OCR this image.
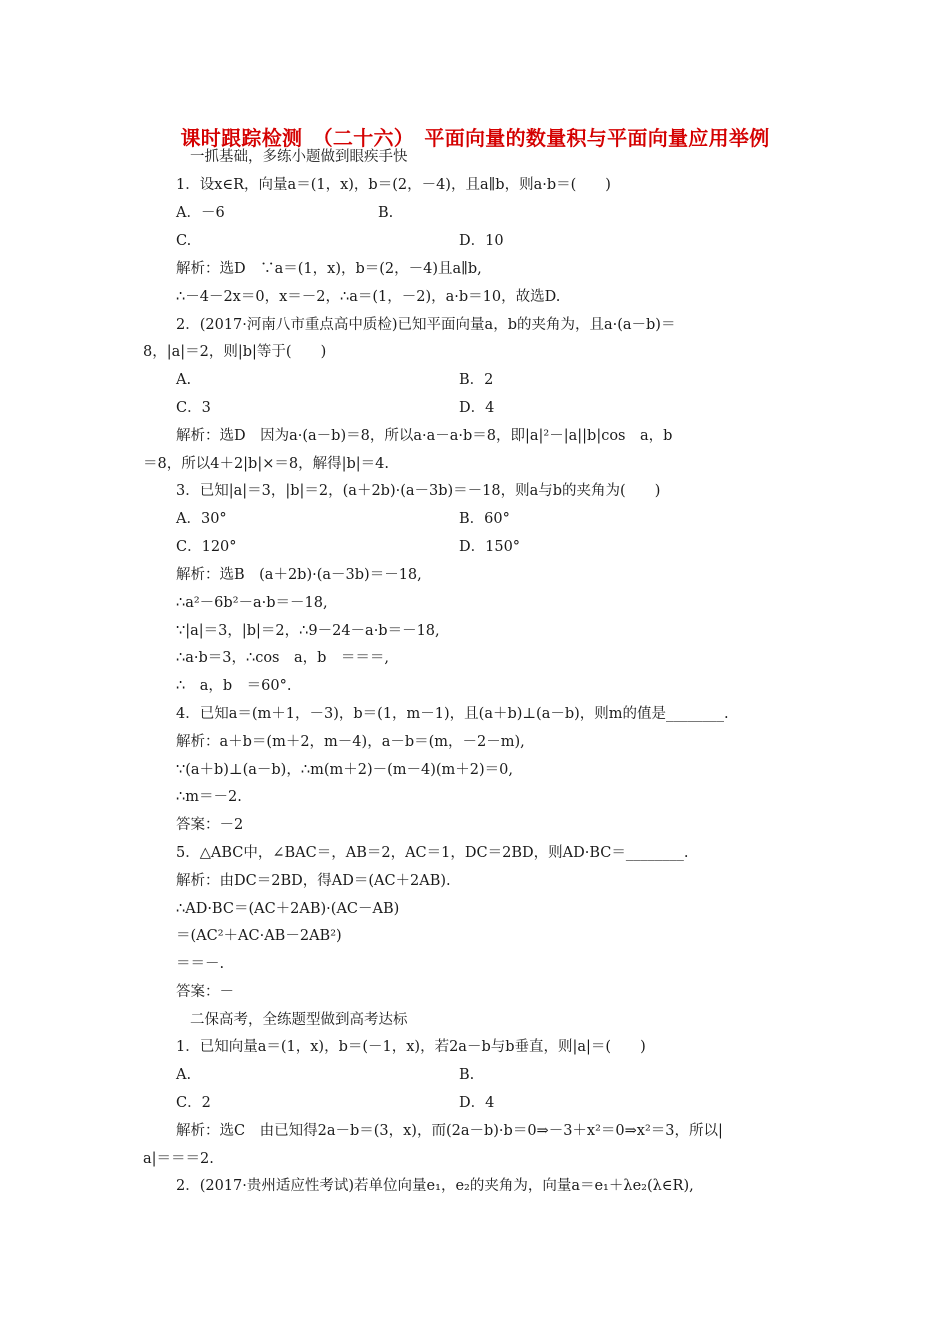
课时跟踪检测　（二十六）　平面向量的数量积与平面向量应用举例
一抓基础，多练小题做到眼疾手快
1．设x∈R，向量a＝(1，x)，b＝(2，－4)，且a∥b，则a·b＝(　　)
A．－6	B.
C.	D．10
解析：选D　∵a＝(1，x)，b＝(2，－4)且a∥b,
∴－4－2x＝0，x＝－2，∴a＝(1，－2)，a·b＝10，故选D.
2．(2017·河南八市重点高中质检)已知平面向量a，b的夹角为，且a·(a－b)＝
8，|a|＝2，则|b|等于(　　)
A.	B．2
C．3	D．4
解析：选D　因为a·(a－b)＝8，所以a·a－a·b＝8，即|a|²－|a||b|cos　a，b
＝8，所以4＋2|b|×＝8，解得|b|＝4.
3．已知|a|＝3，|b|＝2，(a＋2b)·(a－3b)＝－18，则a与b的夹角为(　　)
A．30°	B．60°
C．120°	D．150°
解析：选B　(a＋2b)·(a－3b)＝－18,
∴a²－6b²－a·b＝－18,
∵|a|＝3，|b|＝2，∴9－24－a·b＝－18,
∴a·b＝3，∴cos　a，b　＝＝＝,
∴　a，b　＝60°.
4．已知a＝(m＋1，－3)，b＝(1，m－1)，且(a＋b)⊥(a－b)，则m的值是________.
解析：a＋b＝(m＋2，m－4)，a－b＝(m，－2－m),
∵(a＋b)⊥(a－b)，∴m(m＋2)－(m－4)(m＋2)＝0,
∴m＝－2.
答案：－2
5．△ABC中，∠BAC＝，AB＝2，AC＝1，DC＝2BD，则AD·BC＝________.
解析：由DC＝2BD，得AD＝(AC＋2AB).
∴AD·BC＝(AC＋2AB)·(AC－AB)
＝(AC²＋AC·AB－2AB²)
＝＝－.
答案：－
二保高考，全练题型做到高考达标
1．已知向量a＝(1，x)，b＝(－1，x)，若2a－b与b垂直，则|a|＝(　　)
A.	B.
C．2	D．4
解析：选C　由已知得2a－b＝(3，x)，而(2a－b)·b＝0⇒－3＋x²＝0⇒x²＝3，所以|
a|＝＝＝2.
2．(2017·贵州适应性考试)若单位向量e₁，e₂的夹角为，向量a＝e₁＋λe₂(λ∈R),
